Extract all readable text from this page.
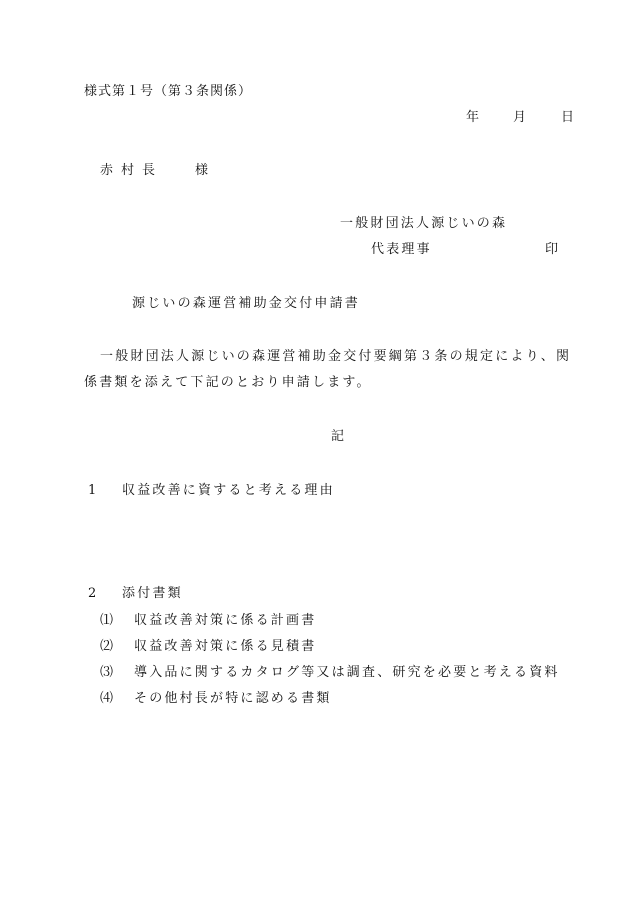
様式第１号（第３条関係）
年 月	日
赤村長 様
一般財団法人源じいの森
代表理事	印
源じいの森運営補助金交付申請書
一般財団法人源じいの森運営補助金交付要綱第３条の規定により、関
係書類を添えて下記のとおり申請します。
記
1 収益改善に資すると考える理由
2 添付書類
⑴ 収益改善対策に係る計画書
⑵ 収益改善対策に係る見積書
⑶ 導入品に関するカタログ等又は調査、研究を必要と考える資料
⑷ その他村長が特に認める書類
